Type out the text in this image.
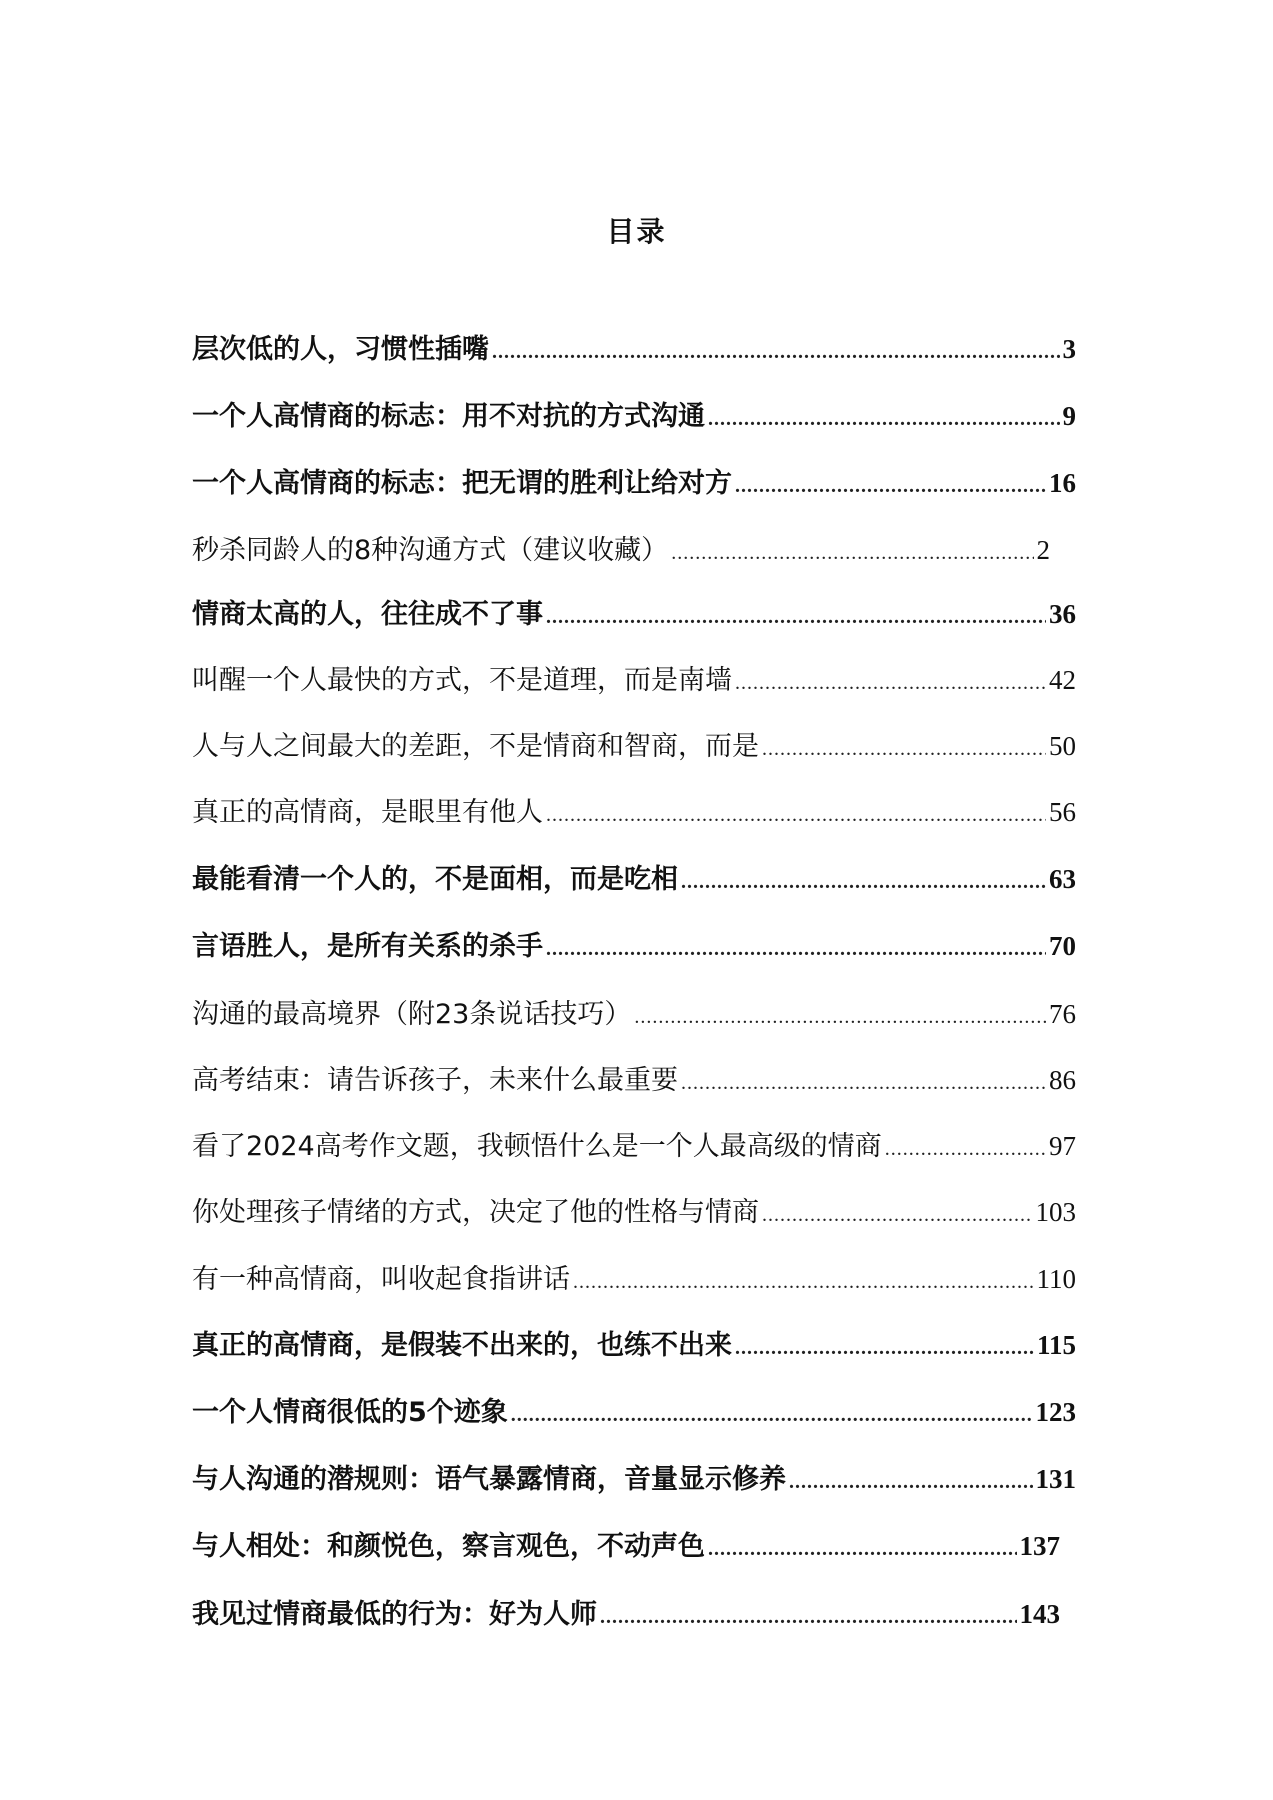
目录
层次低的人，习惯性插嘴 .....	3
一个人高情商的标志：用不对抗的方式沟通 .....	9
一个人高情商的标志：把无谓的胜利让给对方 .....	16
秒杀同龄人的8种沟通方式（建议收藏） .....	2
情商太高的人，往往成不了事 .....	36
叫醒一个人最快的方式，不是道理，而是南墙 .....	42
人与人之间最大的差距，不是情商和智商，而是 .....	50
真正的高情商，是眼里有他人 .....	56
最能看清一个人的，不是面相，而是吃相 .....	63
言语胜人，是所有关系的杀手 .....	70
沟通的最高境界（附23条说话技巧） .....	76
高考结束：请告诉孩子，未来什么最重要 .....	86
看了2024高考作文题，我顿悟什么是一个人最高级的情商 .....	97
你处理孩子情绪的方式，决定了他的性格与情商 .....	103
有一种高情商，叫收起食指讲话 .....	110
真正的高情商，是假装不出来的，也练不出来 .....	115
一个人情商很低的5个迹象 .....	123
与人沟通的潜规则：语气暴露情商，音量显示修养 .....	131
与人相处：和颜悦色，察言观色，不动声色 .....	137
我见过情商最低的行为：好为人师 .....	143
